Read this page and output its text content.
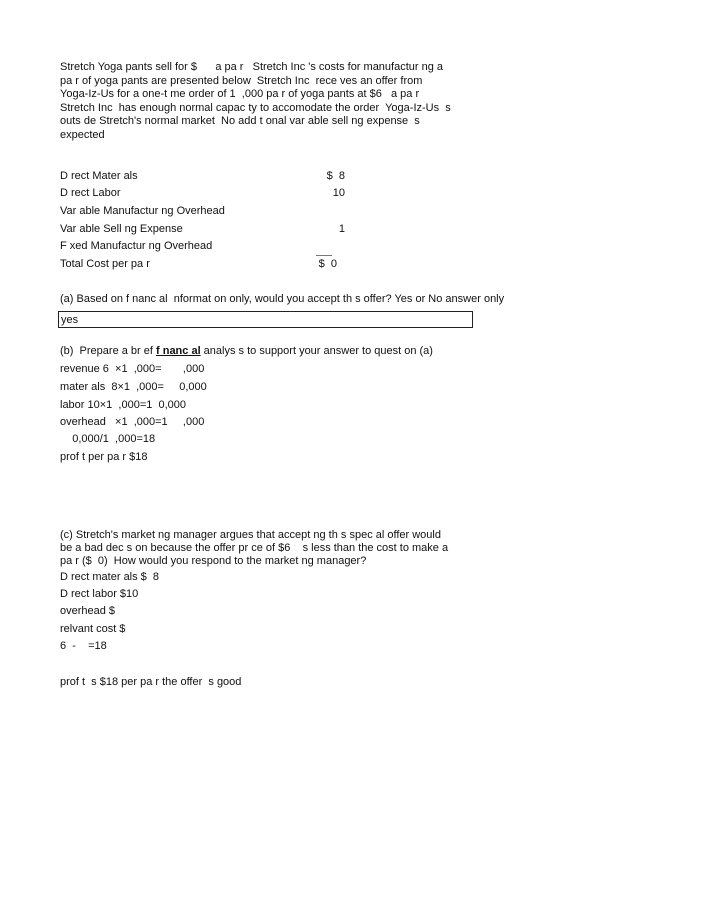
Stretch Yoga pants sell for $      a pa r   Stretch Inc 's costs for manufactur ng a
pa r of yoga pants are presented below  Stretch Inc  rece ves an offer from
Yoga-Iz-Us for a one-t me order of 1  ,000 pa r of yoga pants at $6   a pa r
Stretch Inc  has enough normal capac ty to accomodate the order  Yoga-Iz-Us  s
outs de Stretch's normal market  No add t onal var able sell ng expense  s
expected
D rect Mater als	$  8
D rect Labor	10
Var able Manufactur ng Overhead
Var able Sell ng Expense	1
F xed Manufactur ng Overhead
Total Cost per pa r	$  0
(a) Based on f nanc al  nformat on only, would you accept th s offer? Yes or No answer only
yes
(b)  Prepare a br ef f nanc al analys s to support your answer to quest on (a)
revenue 6  ×1  ,000=       ,000
mater als  8×1  ,000=     0,000
labor 10×1  ,000=1  0,000
overhead   ×1  ,000=1     ,000
0,000/1  ,000=18
prof t per pa r $18
(c) Stretch's market ng manager argues that accept ng th s spec al offer would
be a bad dec s on because the offer pr ce of $6    s less than the cost to make a
pa r ($  0)  How would you respond to the market ng manager?
D rect mater als $  8
D rect labor $10
overhead $
relvant cost $
6  -    =18
prof t  s $18 per pa r the offer  s good
